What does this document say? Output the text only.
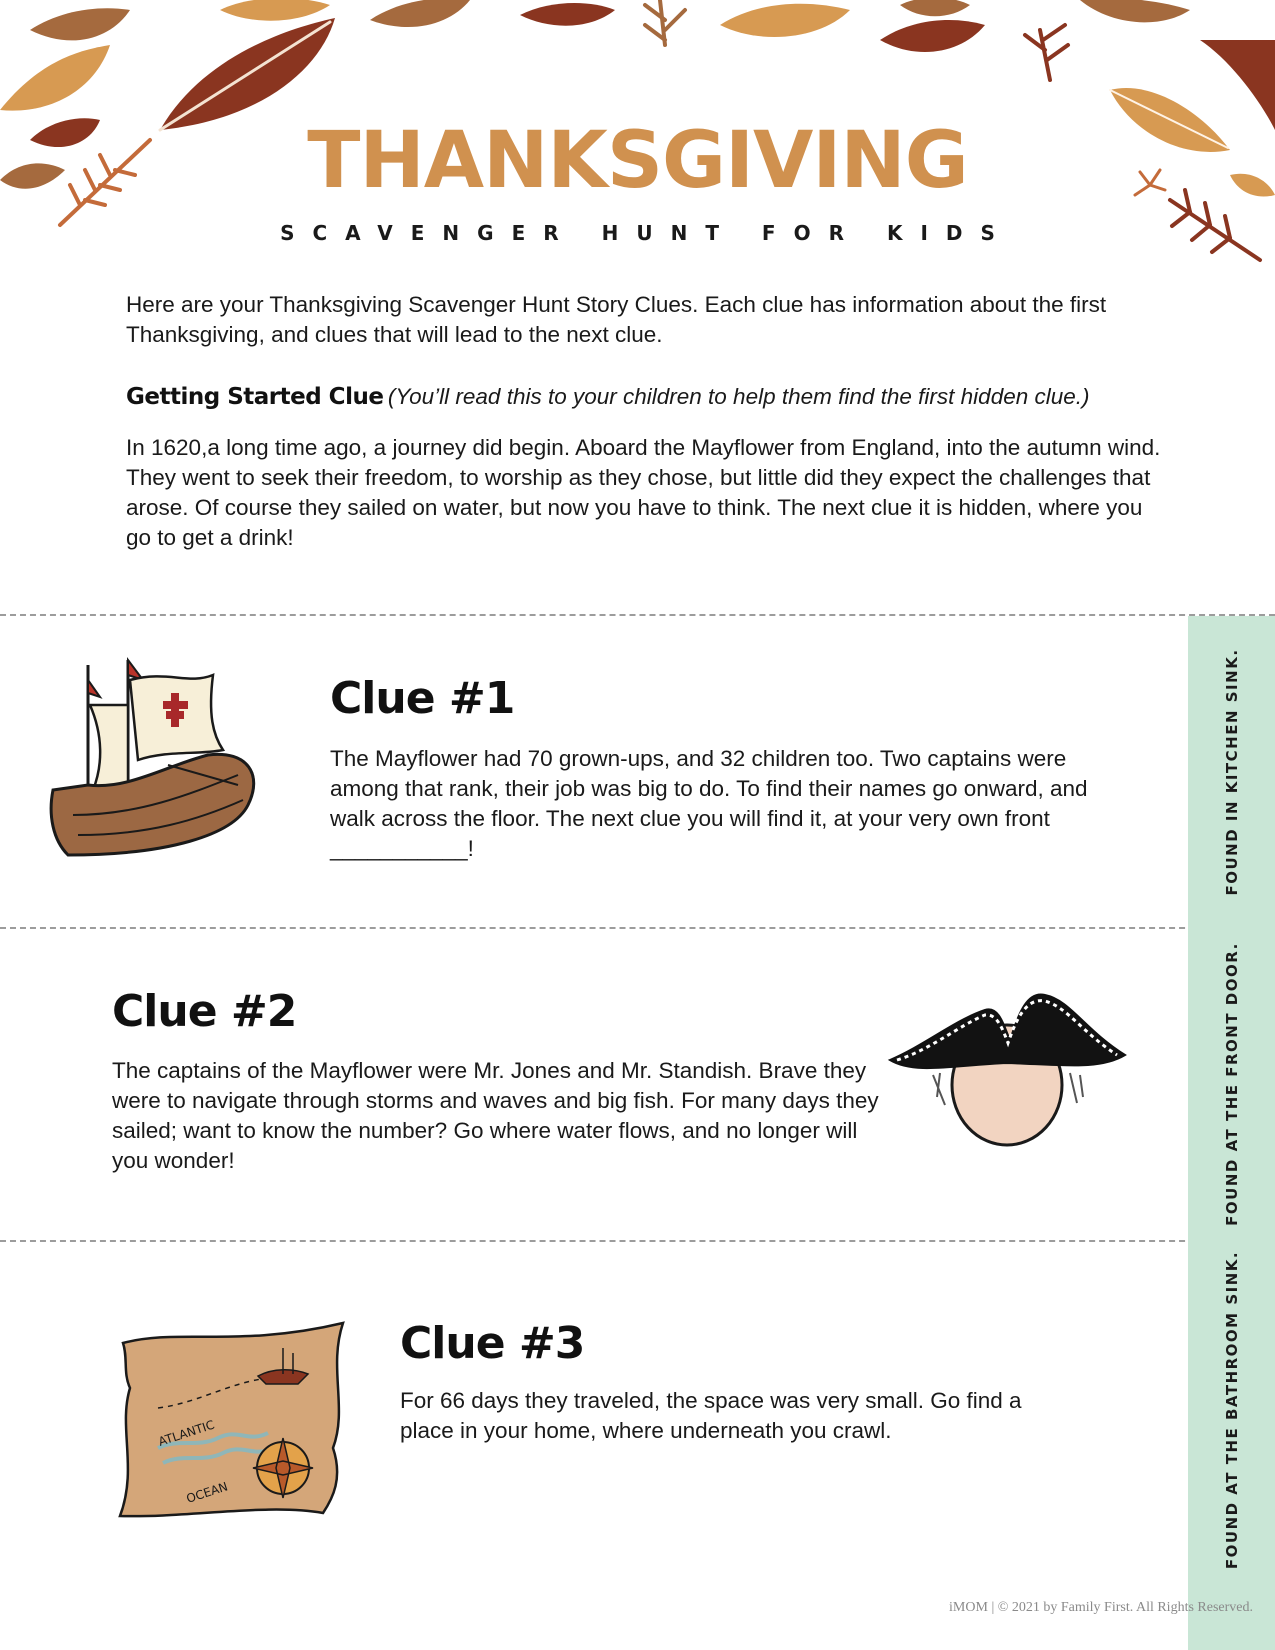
THANKSGIVING
SCAVENGER HUNT FOR KIDS
Here are your Thanksgiving Scavenger Hunt Story Clues. Each clue has information about the first Thanksgiving, and clues that will lead to the next clue.
Getting Started Clue (You’ll read this to your children to help them find the first hidden clue.)
In 1620,a long time ago, a journey did begin. Aboard the Mayflower from England, into the autumn wind. They went to seek their freedom, to worship as they chose, but little did they expect the challenges that arose. Of course they sailed on water, but now you have to think. The next clue it is hidden, where you go to get a drink!
FOUND IN KITCHEN SINK.
FOUND AT THE FRONT DOOR.
FOUND AT THE BATHROOM SINK.
Clue #1
The Mayflower had 70 grown-ups, and 32 children too. Two captains were among that rank, their job was big to do. To find their names go onward, and walk across the floor. The next clue you will find it, at your very own front ___________!
Clue #2
The captains of the Mayflower were Mr. Jones and Mr. Standish. Brave they were to navigate through storms and waves and big fish. For many days they sailed; want to know the number? Go where water flows, and no longer will you wonder!
ATLANTIC
OCEAN
Clue #3
For 66 days they traveled, the space was very small. Go find a place in your home, where underneath you crawl.
iMOM | © 2021 by Family First. All Rights Reserved.
